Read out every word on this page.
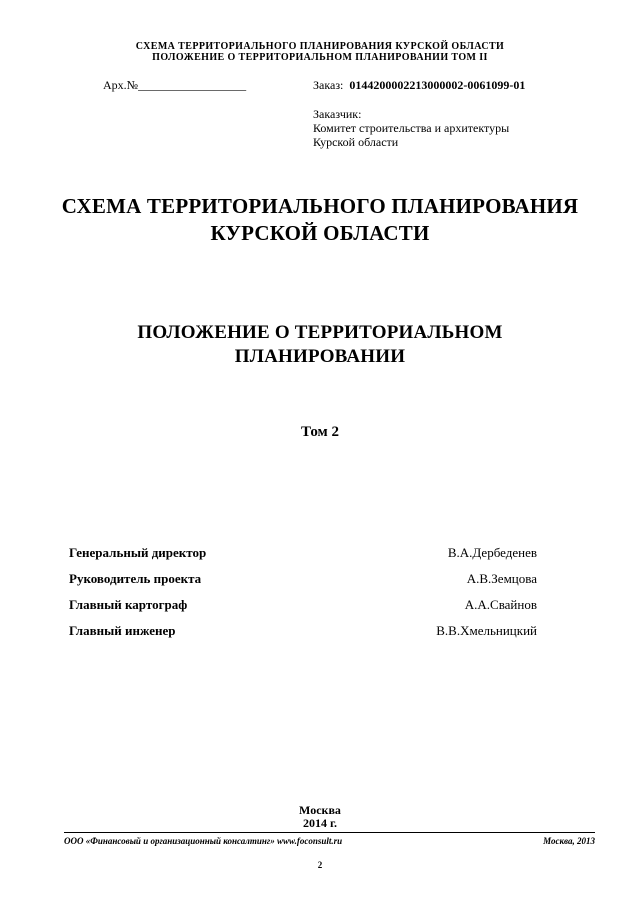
СХЕМА ТЕРРИТОРИАЛЬНОГО ПЛАНИРОВАНИЯ КУРСКОЙ ОБЛАСТИ
ПОЛОЖЕНИЕ О ТЕРРИТОРИАЛЬНОМ ПЛАНИРОВАНИИ ТОМ II
Арх.№__________________	Заказ: 0144200002213000002-0061099-01
Заказчик:
Комитет строительства и архитектуры
Курской области
СХЕМА ТЕРРИТОРИАЛЬНОГО ПЛАНИРОВАНИЯ
КУРСКОЙ ОБЛАСТИ
ПОЛОЖЕНИЕ О ТЕРРИТОРИАЛЬНОМ
ПЛАНИРОВАНИИ
Том 2
Генеральный директор	В.А.Дербеденев
Руководитель проекта	А.В.Земцова
Главный картограф	А.А.Свайнов
Главный инженер	В.В.Хмельницкий
Москва
2014 г.
ООО «Финансовый и организационный консалтинг» www.foconsult.ru	Москва, 2013
2
